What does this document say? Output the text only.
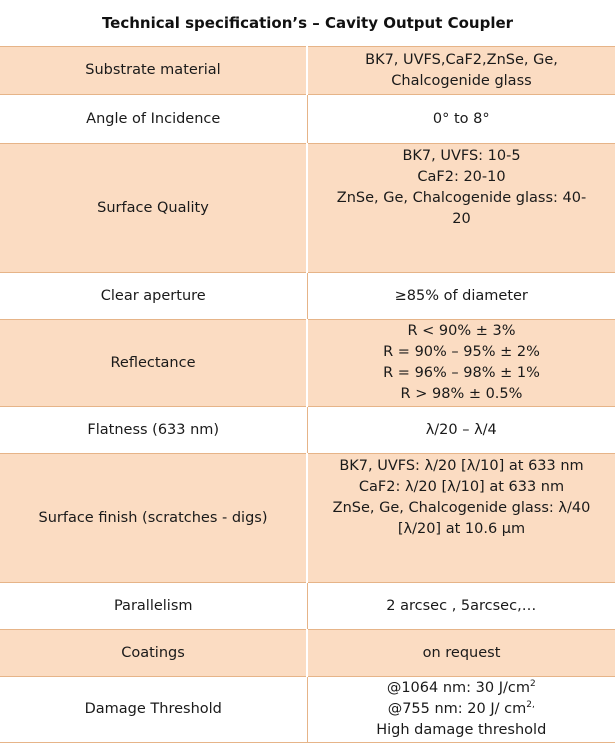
Technical specification’s – Cavity Output Coupler
Substrate material	BK7, UVFS,CaF2,ZnSe, Ge,
Chalcogenide glass

Angle of Incidence	0° to 8°

Surface Quality	BK7, UVFS: 10-5
CaF2: 20-10
ZnSe, Ge, Chalcogenide glass: 40-
20

Clear aperture	≥85% of diameter

Reflectance	R < 90% ± 3%
R = 90% – 95% ± 2%
R = 96% – 98% ± 1%
R > 98% ± 0.5%

Flatness (633 nm)	λ/20 – λ/4

Surface finish (scratches - digs)	BK7, UVFS: λ/20 [λ/10] at 633 nm
CaF2: λ/20 [λ/10] at 633 nm
ZnSe, Ge, Chalcogenide glass: λ/40
[λ/20] at 10.6 µm

Parallelism	2 arcsec , 5arcsec,…

Coatings	on request

Damage Threshold	@1064 nm: 30 $J/cm^2$
@755 nm: 20 J/ $cm^{2,}$
High damage threshold
